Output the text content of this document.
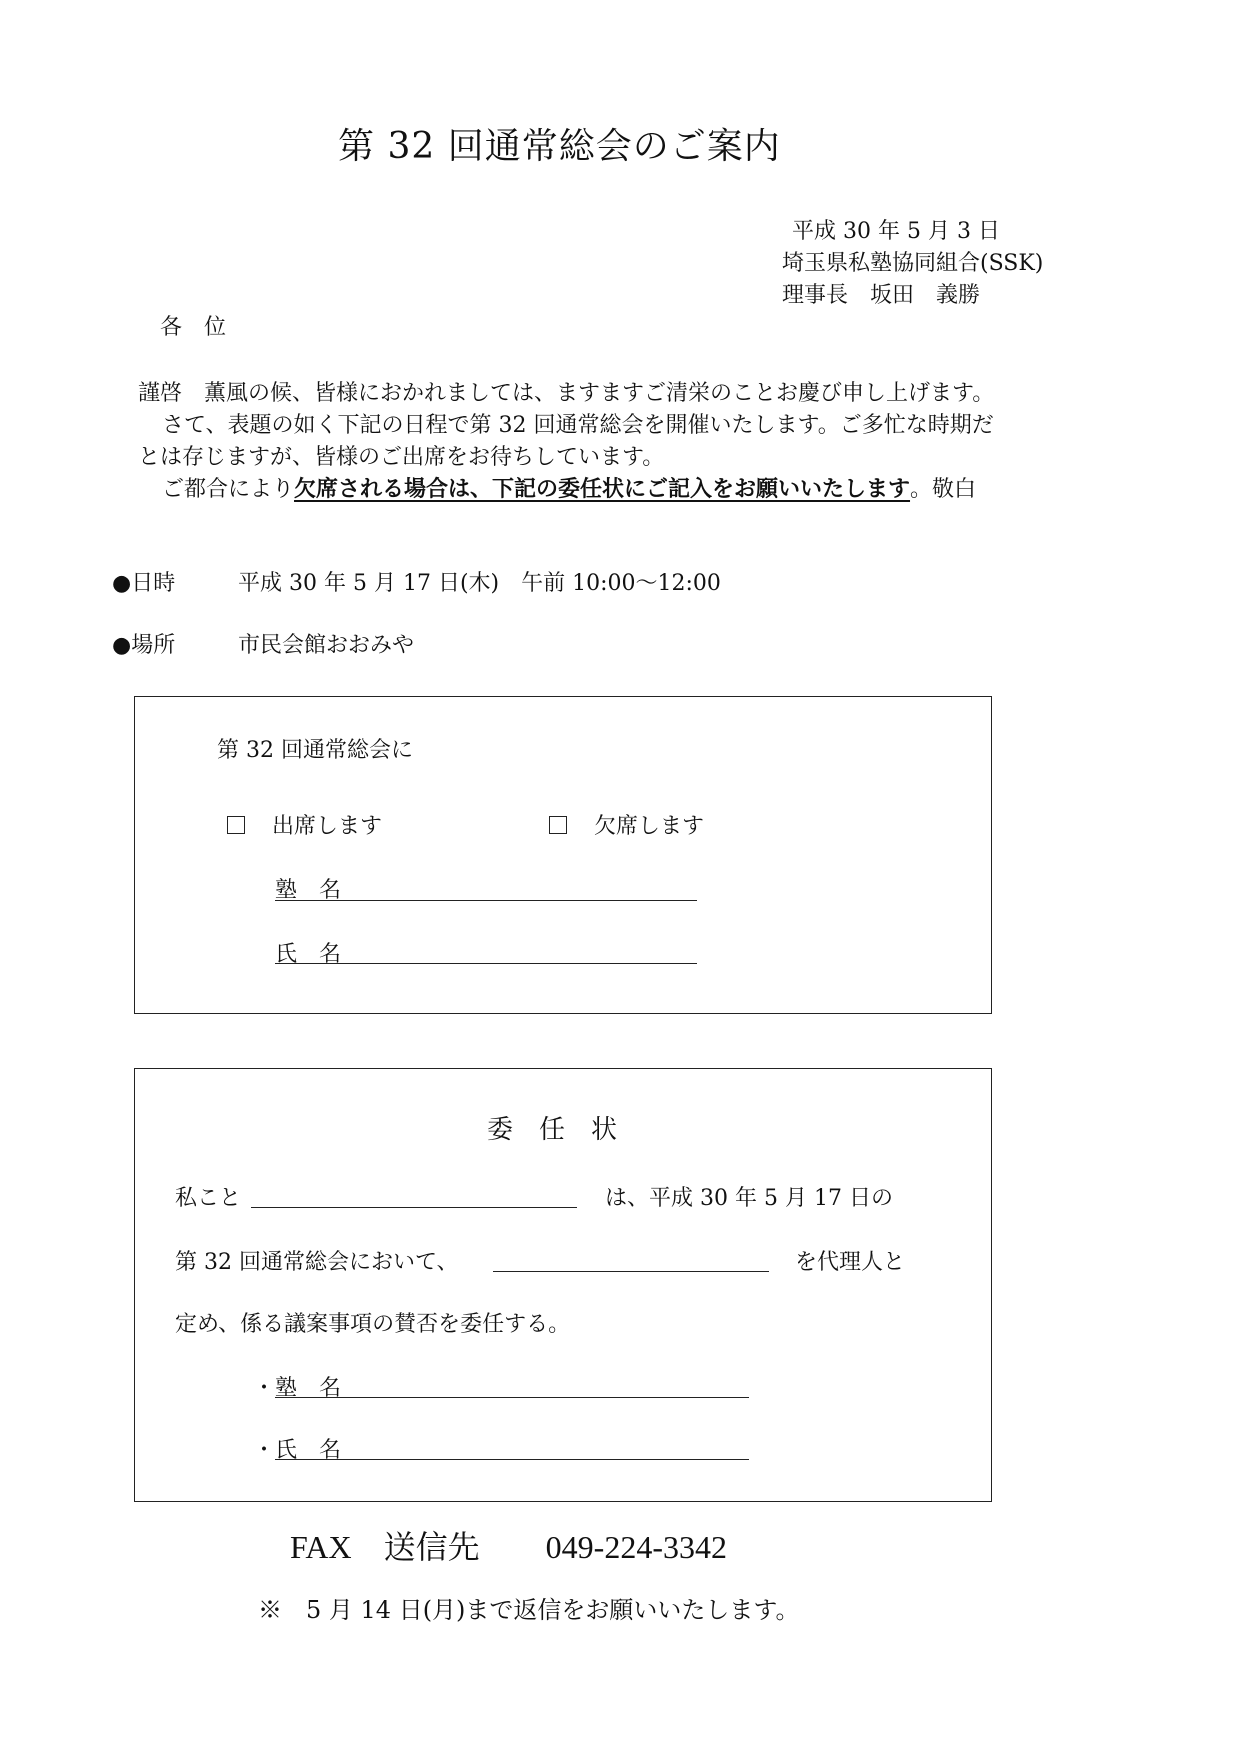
第 32 回通常総会のご案内
平成 30 年 5 月 3 日
埼玉県私塾協同組合(SSK)
理事長　坂田　義勝
各　位
謹啓　薫風の候、皆様におかれましては、ますますご清栄のことお慶び申し上げます。
さて、表題の如く下記の日程で第 32 回通常総会を開催いたします。ご多忙な時期だ
とは存じますが、皆様のご出席をお待ちしています。
ご都合により欠席される場合は、下記の委任状にご記入をお願いいたします。敬白
●日時	平成 30 年 5 月 17 日(木)　午前 10:00～12:00
●場所	市民会館おおみや
第 32 回通常総会に
出席します	欠席します
塾　名
氏　名
委　任　状
私こと	は、平成 30 年 5 月 17 日の
第 32 回通常総会において、	を代理人と
定め、係る議案事項の賛否を委任する。
・塾　名
・氏　名
FAX　送信先 049-224-3342
※　5 月 14 日(月)まで返信をお願いいたします。
